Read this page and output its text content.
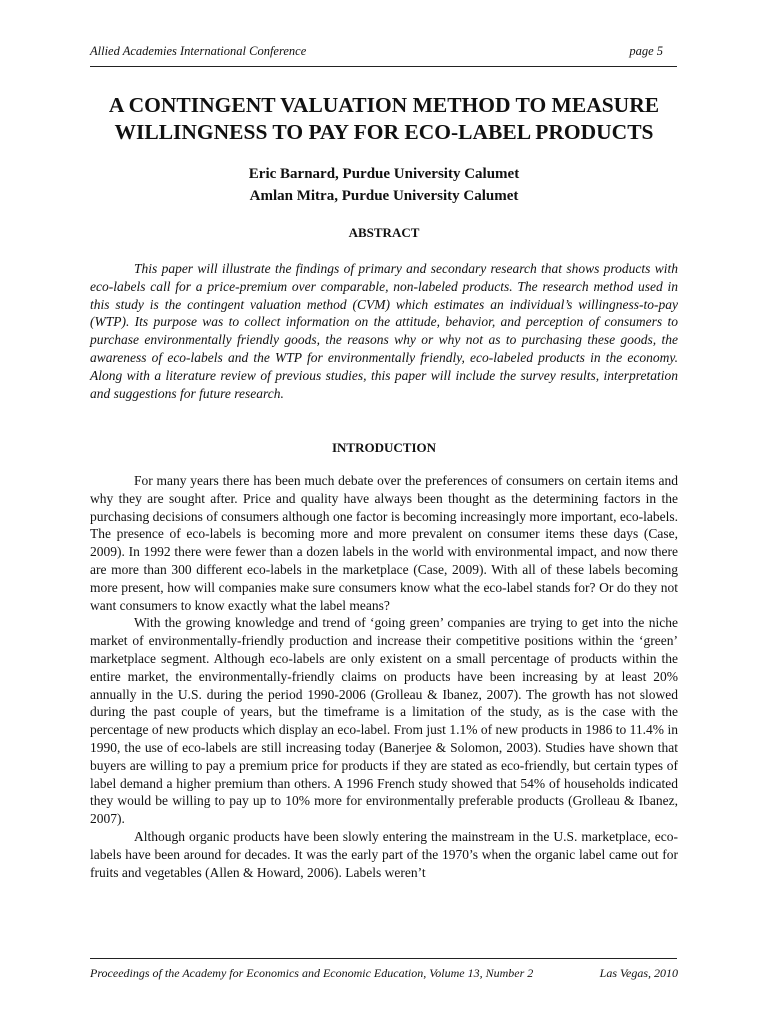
Allied Academies International Conference	page 5
A CONTINGENT VALUATION METHOD TO MEASURE WILLINGNESS TO PAY FOR ECO-LABEL PRODUCTS
Eric Barnard, Purdue University Calumet
Amlan Mitra, Purdue University Calumet
ABSTRACT

This paper will illustrate the findings of primary and secondary research that shows products with eco-labels call for a price-premium over comparable, non-labeled products. The research method used in this study is the contingent valuation method (CVM) which estimates an individual’s willingness-to-pay (WTP). Its purpose was to collect information on the attitude, behavior, and perception of consumers to purchase environmentally friendly goods, the reasons why or why not as to purchasing these goods, the awareness of eco-labels and the WTP for environmentally friendly, eco-labeled products in the economy. Along with a literature review of previous studies, this paper will include the survey results, interpretation and suggestions for future research.

INTRODUCTION

For many years there has been much debate over the preferences of consumers on certain items and why they are sought after. Price and quality have always been thought as the determining factors in the purchasing decisions of consumers although one factor is becoming increasingly more important, eco-labels. The presence of eco-labels is becoming more and more prevalent on consumer items these days (Case, 2009). In 1992 there were fewer than a dozen labels in the world with environmental impact, and now there are more than 300 different eco-labels in the marketplace (Case, 2009). With all of these labels becoming more present, how will companies make sure consumers know what the eco-label stands for? Or do they not want consumers to know exactly what the label means?

With the growing knowledge and trend of ‘going green’ companies are trying to get into the niche market of environmentally-friendly production and increase their competitive positions within the ‘green’ marketplace segment. Although eco-labels are only existent on a small percentage of products within the entire market, the environmentally-friendly claims on products have been increasing by at least 20% annually in the U.S. during the period 1990-2006 (Grolleau & Ibanez, 2007). The growth has not slowed during the past couple of years, but the timeframe is a limitation of the study, as is the case with the percentage of new products which display an eco-label. From just 1.1% of new products in 1986 to 11.4% in 1990, the use of eco-labels are still increasing today (Banerjee & Solomon, 2003). Studies have shown that buyers are willing to pay a premium price for products if they are stated as eco-friendly, but certain types of label demand a higher premium than others. A 1996 French study showed that 54% of households indicated they would be willing to pay up to 10% more for environmentally preferable products (Grolleau & Ibanez, 2007).

Although organic products have been slowly entering the mainstream in the U.S. marketplace, eco-labels have been around for decades. It was the early part of the 1970’s when the organic label came out for fruits and vegetables (Allen & Howard, 2006). Labels weren’t

Proceedings of the Academy for Economics and Economic Education, Volume 13, Number 2	Las Vegas, 2010
